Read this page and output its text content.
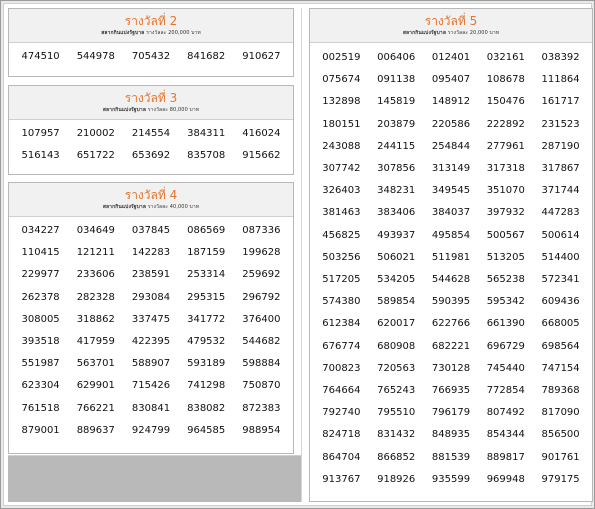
รางวัลที่ 2
สลากกินแบ่งรัฐบาล รางวัลละ 200,000 บาท
474510	544978	705432	841682	910627
รางวัลที่ 3
สลากกินแบ่งรัฐบาล รางวัลละ 80,000 บาท
107957	210002	214554	384311	416024
516143	651722	653692	835708	915662
รางวัลที่ 4
สลากกินแบ่งรัฐบาล รางวัลละ 40,000 บาท
034227	034649	037845	086569	087336
110415	121211	142283	187159	199628
229977	233606	238591	253314	259692
262378	282328	293084	295315	296792
308005	318862	337475	341772	376400
393518	417959	422395	479532	544682
551987	563701	588907	593189	598884
623304	629901	715426	741298	750870
761518	766221	830841	838082	872383
879001	889637	924799	964585	988954
รางวัลที่ 5
สลากกินแบ่งรัฐบาล รางวัลละ 20,000 บาท
002519	006406	012401	032161	038392
075674	091138	095407	108678	111864
132898	145819	148912	150476	161717
180151	203879	220586	222892	231523
243088	244115	254844	277961	287190
307742	307856	313149	317318	317867
326403	348231	349545	351070	371744
381463	383406	384037	397932	447283
456825	493937	495854	500567	500614
503256	506021	511981	513205	514400
517205	534205	544628	565238	572341
574380	589854	590395	595342	609436
612384	620017	622766	661390	668005
676774	680908	682221	696729	698564
700823	720563	730128	745440	747154
764664	765243	766935	772854	789368
792740	795510	796179	807492	817090
824718	831432	848935	854344	856500
864704	866852	881539	889817	901761
913767	918926	935599	969948	979175
